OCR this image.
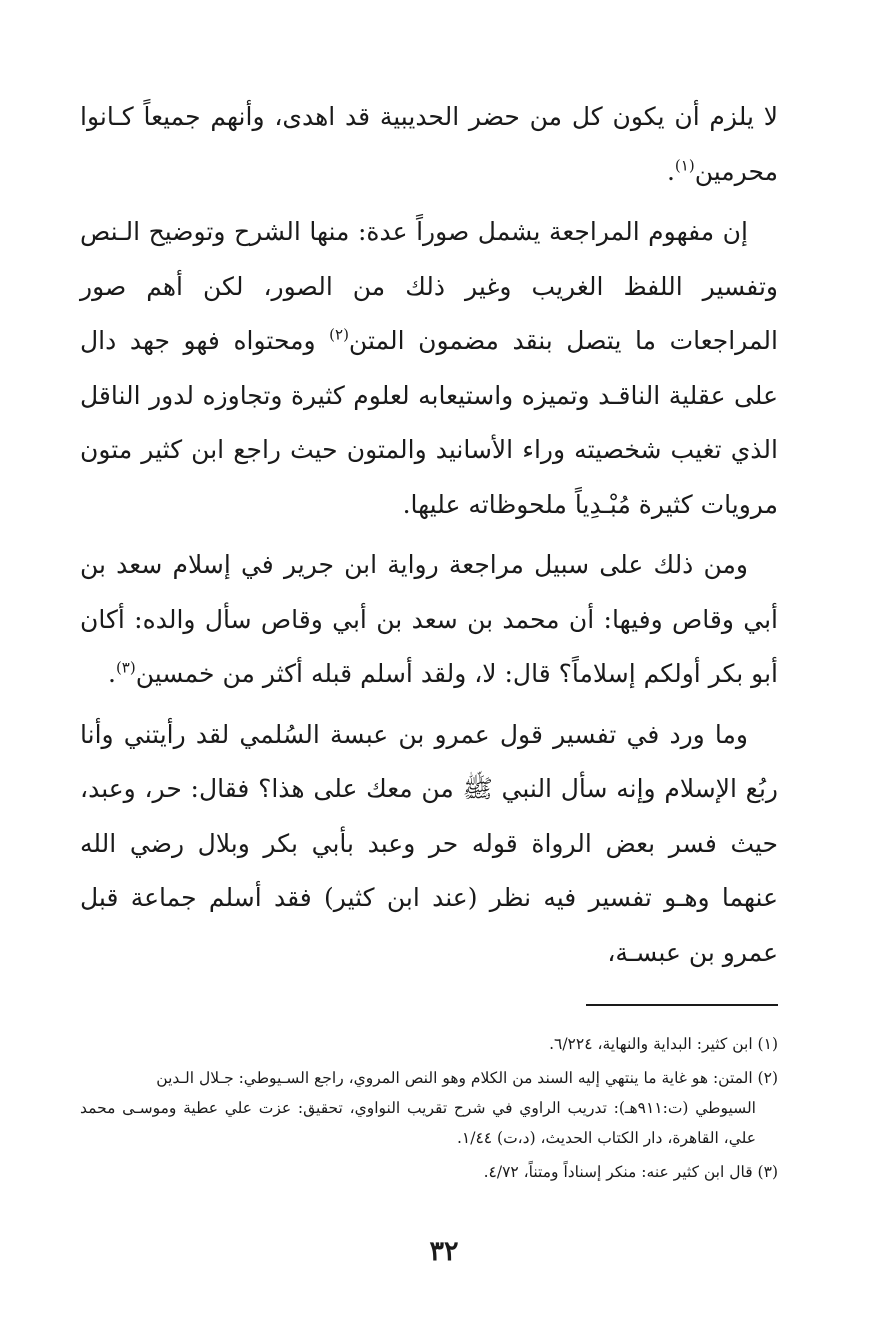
لا يلزم أن يكون كل من حضر الحديبية قد اهدى، وأنهم جميعاً كـانوا محرمين$^{(١)}$.

إن مفهوم المراجعة يشمل صوراً عدة: منها الشرح وتوضيح الـنص وتفسير اللفظ الغريب وغير ذلك من الصور، لكن أهم صور المراجعات ما يتصل بنقد مضمون المتن$^{(٢)}$ ومحتواه فهو جهد دال على عقلية الناقـد وتميزه واستيعابه لعلوم كثيرة وتجاوزه لدور الناقل الذي تغيب شخصيته وراء الأسانيد والمتون حيث راجع ابن كثير متون مرويات كثيرة مُبْـدِياً ملحوظاته عليها.

ومن ذلك على سبيل مراجعة رواية ابن جرير في إسلام سعد بن أبي وقاص وفيها: أن محمد بن سعد بن أبي وقاص سأل والده: أكان أبو بكر أولكم إسلاماً؟ قال: لا، ولقد أسلم قبله أكثر من خمسين$^{(٣)}$.

وما ورد في تفسير قول عمرو بن عبسة السُلمي لقد رأيتني وأنا ربُع الإسلام وإنه سأل النبي ﷺ من معك على هذا؟ فقال: حر، وعبد، حيث فسر بعض الرواة قوله حر وعبد بأبي بكر وبلال رضي الله عنهما وهـو تفسير فيه نظر (عند ابن كثير) فقد أسلم جماعة قبل عمرو بن عبسـة،

(١) ابن كثير: البداية والنهاية، ٦/٢٢٤.

(٢) المتن: هو غاية ما ينتهي إليه السند من الكلام وهو النص المروي، راجع السـيوطي: جـلال الـدين
السيوطي (ت:٩١١هـ): تدريب الراوي في شرح تقريب النواوي، تحقيق: عزت علي عطية وموسـى محمد علي، القاهرة، دار الكتاب الحديث، (د،ت) ١/٤٤.

(٣) قال ابن كثير عنه: منكر إسناداً ومتناً، ٤/٧٢.

٣٢
